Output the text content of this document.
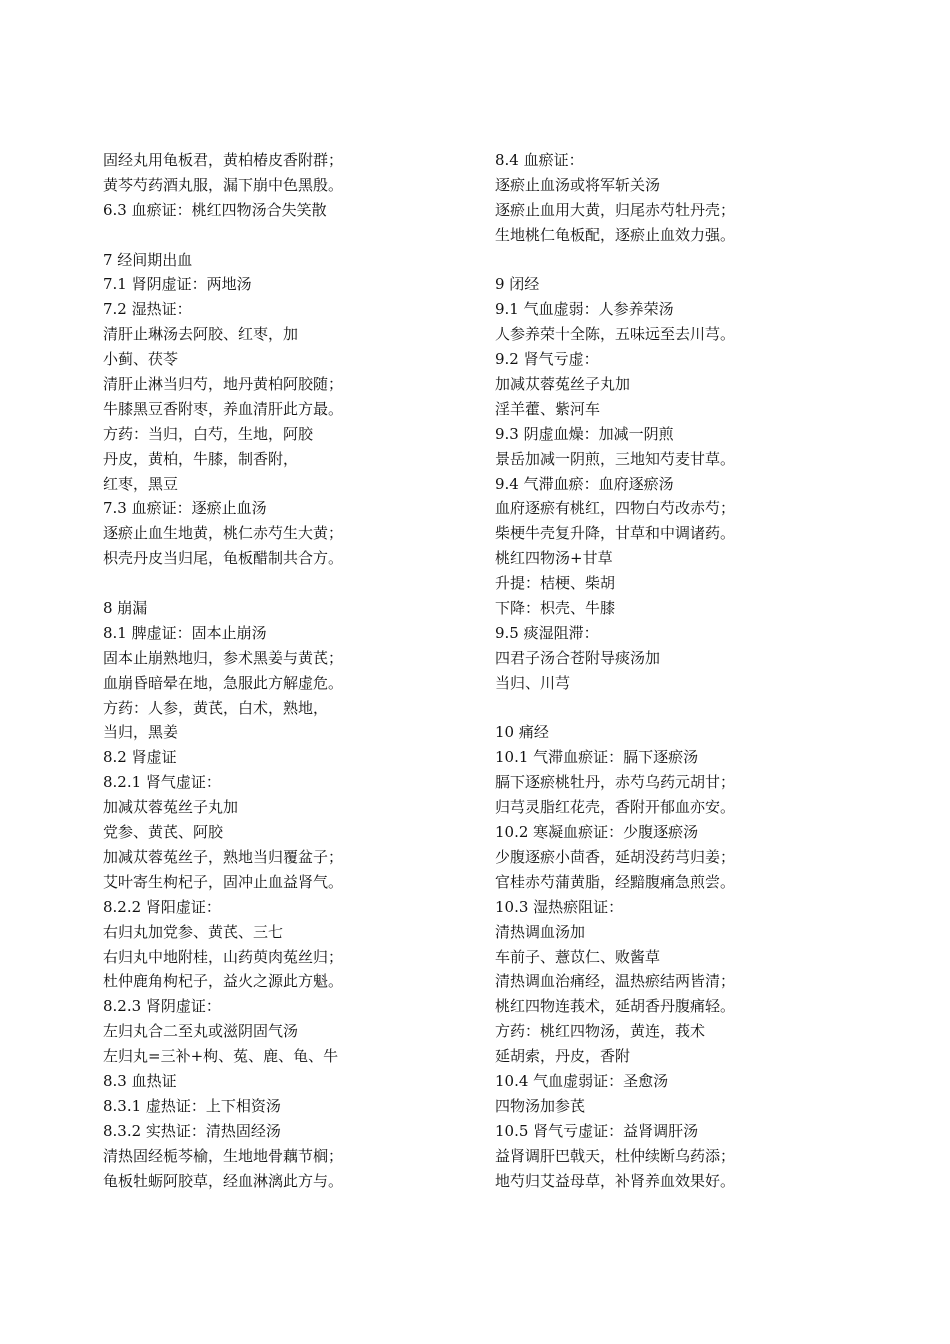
固经丸用龟板君，黄柏椿皮香附群；
黄芩芍药酒丸服，漏下崩中色黑殷。
6.3 血瘀证：桃红四物汤合失笑散
7 经间期出血
7.1 肾阴虚证：两地汤
7.2 湿热证：
清肝止琳汤去阿胶、红枣，加
小蓟、茯苓
清肝止淋当归芍，地丹黄柏阿胶随；
牛膝黑豆香附枣，养血清肝此方最。
方药：当归，白芍，生地，阿胶
丹皮，黄柏，牛膝，制香附，
红枣，黑豆
7.3 血瘀证：逐瘀止血汤
逐瘀止血生地黄，桃仁赤芍生大黄；
枳壳丹皮当归尾，龟板醋制共合方。
8 崩漏
8.1 脾虚证：固本止崩汤
固本止崩熟地归，参术黑姜与黄芪；
血崩昏暗晕在地，急服此方解虚危。
方药：人参，黄芪，白术，熟地，
当归，黑姜
8.2 肾虚证
8.2.1 肾气虚证：
加减苁蓉菟丝子丸加
党参、黄芪、阿胶
加减苁蓉菟丝子，熟地当归覆盆子；
艾叶寄生枸杞子，固冲止血益肾气。
8.2.2 肾阳虚证：
右归丸加党参、黄芪、三七
右归丸中地附桂，山药萸肉菟丝归；
杜仲鹿角枸杞子，益火之源此方魁。
8.2.3 肾阴虚证：
左归丸合二至丸或滋阴固气汤
左归丸=三补+枸、菟、鹿、龟、牛
8.3 血热证
8.3.1 虚热证：上下相资汤
8.3.2 实热证：清热固经汤
清热固经栀芩榆，生地地骨藕节榈；
龟板牡蛎阿胶草，经血淋漓此方与。
8.4 血瘀证：
逐瘀止血汤或将军斩关汤
逐瘀止血用大黄，归尾赤芍牡丹壳；
生地桃仁龟板配，逐瘀止血效力强。
9 闭经
9.1 气血虚弱：人参养荣汤
人参养荣十全陈，五味远至去川芎。
9.2 肾气亏虚：
加减苁蓉菟丝子丸加
淫羊藿、紫河车
9.3 阴虚血燥：加减一阴煎
景岳加减一阴煎，三地知芍麦甘草。
9.4 气滞血瘀：血府逐瘀汤
血府逐瘀有桃红，四物白芍改赤芍；
柴梗牛壳复升降，甘草和中调诸药。
桃红四物汤+甘草
升提：桔梗、柴胡
下降：枳壳、牛膝
9.5 痰湿阻滞：
四君子汤合苍附导痰汤加
当归、川芎
10 痛经
10.1 气滞血瘀证：膈下逐瘀汤
膈下逐瘀桃牡丹，赤芍乌药元胡甘；
归芎灵脂红花壳，香附开郁血亦安。
10.2 寒凝血瘀证：少腹逐瘀汤
少腹逐瘀小茴香，延胡没药芎归姜；
官桂赤芍蒲黄脂，经黯腹痛急煎尝。
10.3 湿热瘀阻证：
清热调血汤加
车前子、薏苡仁、败酱草
清热调血治痛经，温热瘀结两皆清；
桃红四物连莪术，延胡香丹腹痛轻。
方药：桃红四物汤，黄连，莪术
延胡索，丹皮，香附
10.4 气血虚弱证：圣愈汤
四物汤加参芪
10.5 肾气亏虚证：益肾调肝汤
益肾调肝巴戟天，杜仲续断乌药添；
地芍归艾益母草，补肾养血效果好。
